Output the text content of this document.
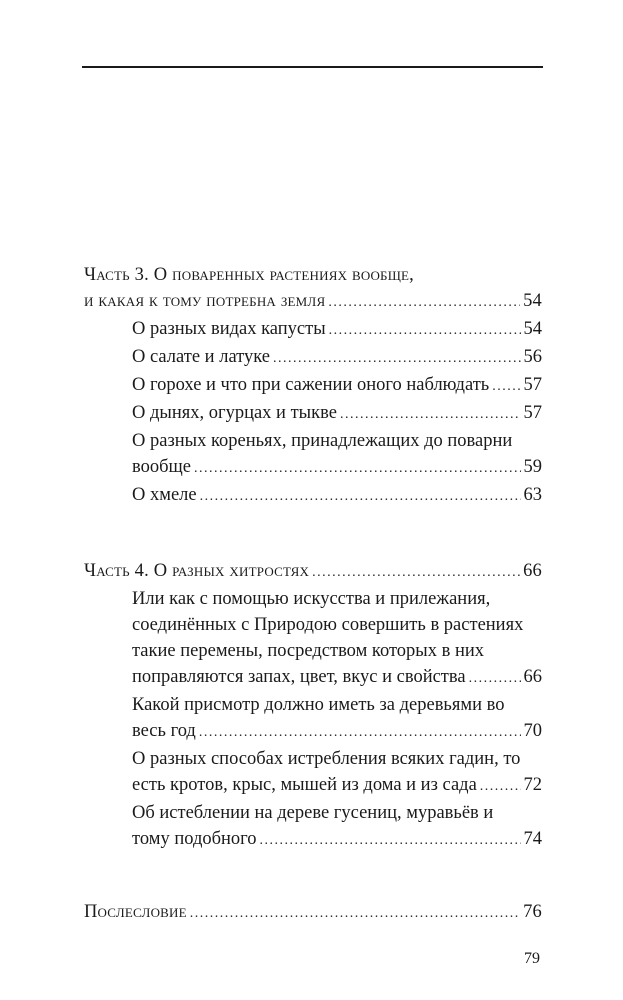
Часть 3. О поваренных растениях вообще,
и какая к тому потребна земля .....	54
О разных видах капусты .....	54
О салате и латуке .....	56
О горохе и что при сажении оного наблюдать ..... 57
О дынях, огурцах и тыкве .....	57
О разных кореньях, принадлежащих до поварни
вообще .....	59
О хмеле .....	63
Часть 4. О разных хитростях .....	66
Или как с помощью искусства и прилежания,
соединённых с Природою совершить в растениях
такие перемены, посредством которых в них
поправляются запах, цвет, вкус и свойства .....	66
Какой присмотр должно иметь за деревьями во
весь год .....	70
О разных способах истребления всяких гадин, то
есть кротов, крыс, мышей из дома и из сада .....	72
Об истеблении на дереве гусениц, муравьёв и
тому подобного .....	74
Послесловие .....	76
79
